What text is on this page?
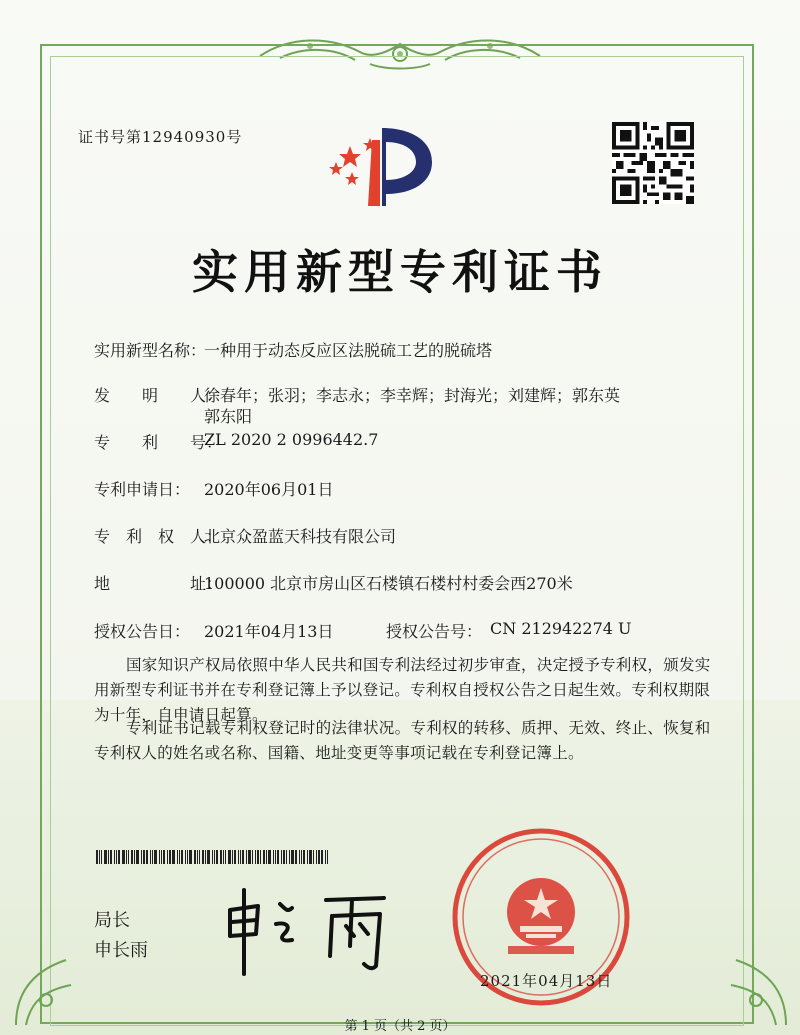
证书号第12940930号
实用新型专利证书
实用新型名称：
一种用于动态反应区法脱硫工艺的脱硫塔
发　　明　　人：
徐春年；张羽；李志永；李幸辉；封海光；刘建辉；郭东英
郭东阳
专　　利　　号：
ZL 2020 2 0996442.7
专利申请日： 2020年06月01日
专　利　权　人：
北京众盈蓝天科技有限公司
地　　　　　址：
100000 北京市房山区石楼镇石楼村村委会西270米
授权公告日： 2021年04月13日	授权公告号： CN 212942274 U
国家知识产权局依照中华人民共和国专利法经过初步审查，决定授予专利权，颁发实用新型专利证书并在专利登记簿上予以登记。专利权自授权公告之日起生效。专利权期限为十年，自申请日起算。
专利证书记载专利权登记时的法律状况。专利权的转移、质押、无效、终止、恢复和专利权人的姓名或名称、国籍、地址变更等事项记载在专利登记簿上。
局长
申长雨
2021年04月13日
第 1 页（共 2 页）
